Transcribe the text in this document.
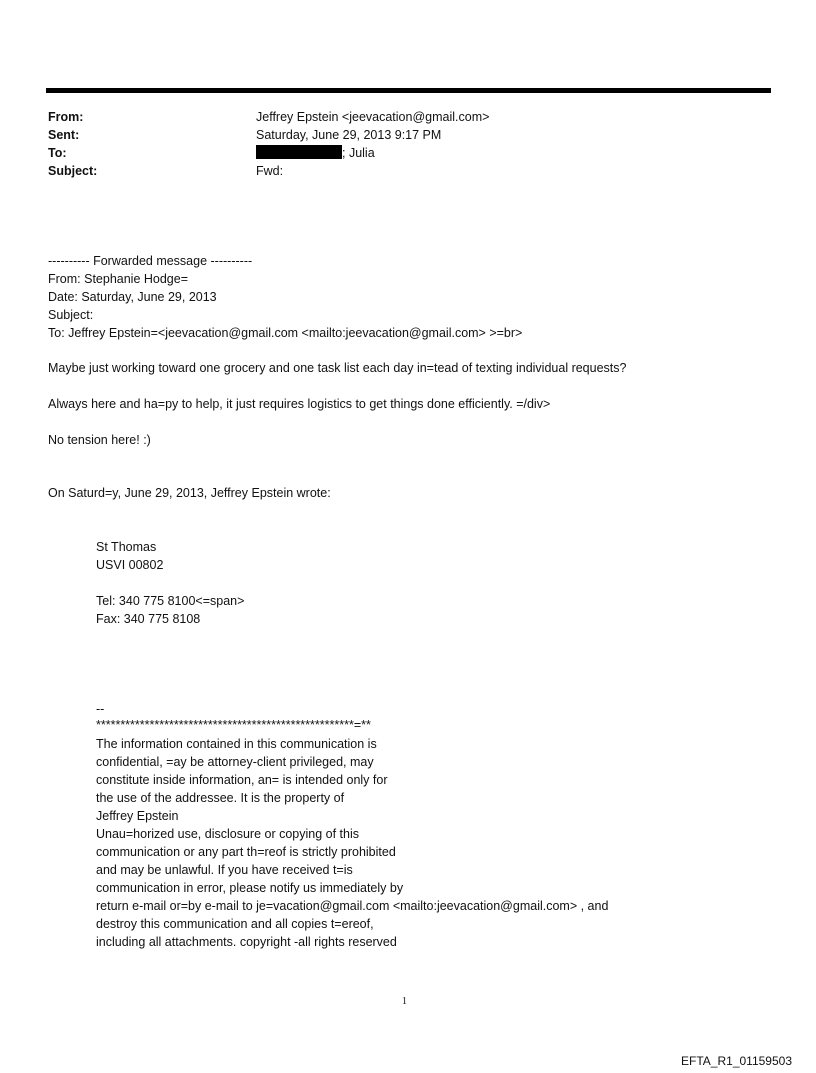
From:	Jeffrey Epstein <jeevacation@gmail.com>
Sent:	Saturday, June 29, 2013 9:17 PM
To:	; Julia
Subject:	Fwd:
---------- Forwarded message ----------
From: Stephanie Hodge=
Date: Saturday, June 29, 2013
Subject:
To: Jeffrey Epstein=<jeevacation@gmail.com <mailto:jeevacation@gmail.com> >=br>
Maybe just working toward one grocery and one task list each day in=tead of texting individual requests?
Always here and ha=py to help, it just requires logistics to get things done efficiently. =/div>
No tension here! :)
On Saturd=y, June 29, 2013, Jeffrey Epstein wrote:
St Thomas
USVI 00802
Tel: 340 775 8100<=span>
Fax: 340 775 8108
--
*****************************************************=**
The information contained in this communication is
confidential, =ay be attorney-client privileged, may
constitute inside information, an= is intended only for
the use of the addressee. It is the property of
Jeffrey Epstein
Unau=horized use, disclosure or copying of this
communication or any part th=reof is strictly prohibited
and may be unlawful. If you have received t=is
communication in error, please notify us immediately by
return e-mail or=by e-mail to je=vacation@gmail.com <mailto:jeevacation@gmail.com> , and
destroy this communication and all copies t=ereof,
including all attachments. copyright -all rights reserved
1
EFTA_R1_01159503
